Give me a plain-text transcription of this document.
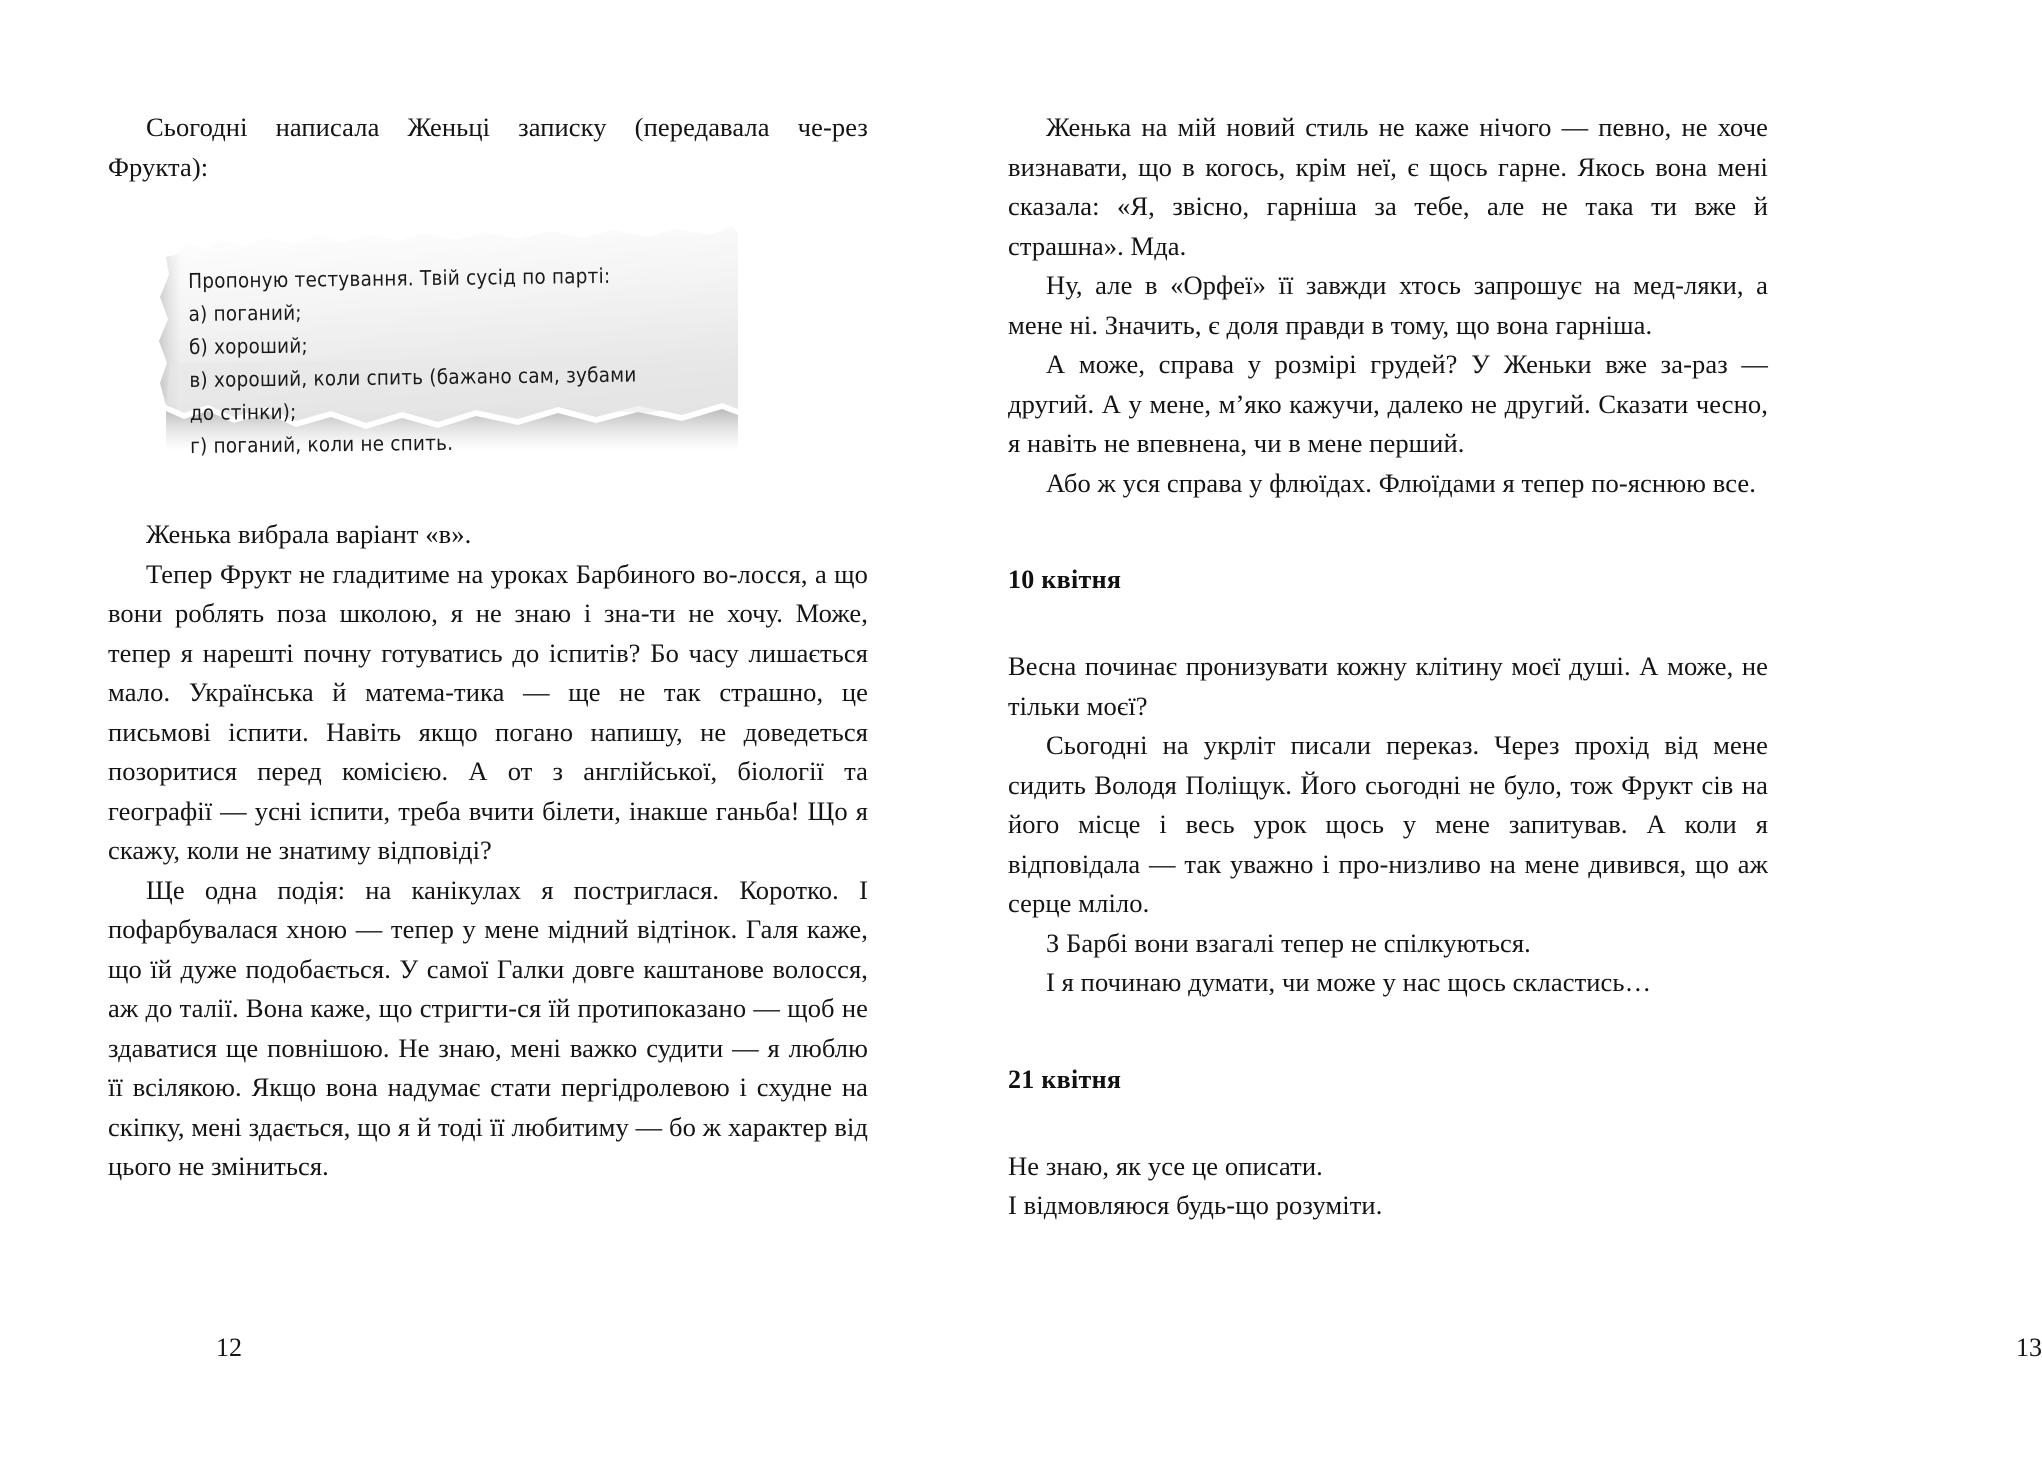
Сьогодні написала Женьці записку (передавала че-рез Фрукта):

Пропоную тестування. Твій сусід по парті:
а) поганий;
б) хороший;
в) хороший, коли спить (бажано сам, зубами
до стінки);
г) поганий, коли не спить.

Женька вибрала варіант «в».

Тепер Фрукт не гладитиме на уроках Барбиного во-лосся, а що вони роблять поза школою, я не знаю і зна-ти не хочу. Може, тепер я нарешті почну готуватись до іспитів? Бо часу лишається мало. Українська й матема-тика — ще не так страшно, це письмові іспити. Навіть якщо погано напишу, не доведеться позоритися перед комісією. А от з англійської, біології та географії — усні іспити, треба вчити білети, інакше ганьба! Що я скажу, коли не знатиму відповіді?

Ще одна подія: на канікулах я постриглася. Коротко. І пофарбувалася хною — тепер у мене мідний відтінок. Галя каже, що їй дуже подобається. У самої Галки довге каштанове волосся, аж до талії. Вона каже, що стригти-ся їй протипоказано — щоб не здаватися ще повнішою. Не знаю, мені важко судити — я люблю її всілякою. Якщо вона надумає стати пергідролевою і схудне на скіпку, мені здається, що я й тоді її любитиму — бо ж характер від цього не зміниться.

12

Женька на мій новий стиль не каже нічого — певно, не хоче визнавати, що в когось, крім неї, є щось гарне. Якось вона мені сказала: «Я, звісно, гарніша за тебе, але не така ти вже й страшна». Мда.

Ну, але в «Орфеї» її завжди хтось запрошує на мед-ляки, а мене ні. Значить, є доля правди в тому, що вона гарніша.

А може, справа у розмірі грудей? У Женьки вже за-раз — другий. А у мене, м’яко кажучи, далеко не другий. Сказати чесно, я навіть не впевнена, чи в мене перший.

Або ж уся справа у флюїдах. Флюїдами я тепер по-яснюю все.

10 квітня

Весна починає пронизувати кожну клітину моєї душі. А може, не тільки моєї?

Сьогодні на укрліт писали переказ. Через прохід від мене сидить Володя Поліщук. Його сьогодні не було, тож Фрукт сів на його місце і весь урок щось у мене запитував. А коли я відповідала — так уважно і про-низливо на мене дивився, що аж серце мліло.

З Барбі вони взагалі тепер не спілкуються.

І я починаю думати, чи може у нас щось скластись…

21 квітня

Не знаю, як усе це описати.

І відмовляюся будь-що розуміти.

13
